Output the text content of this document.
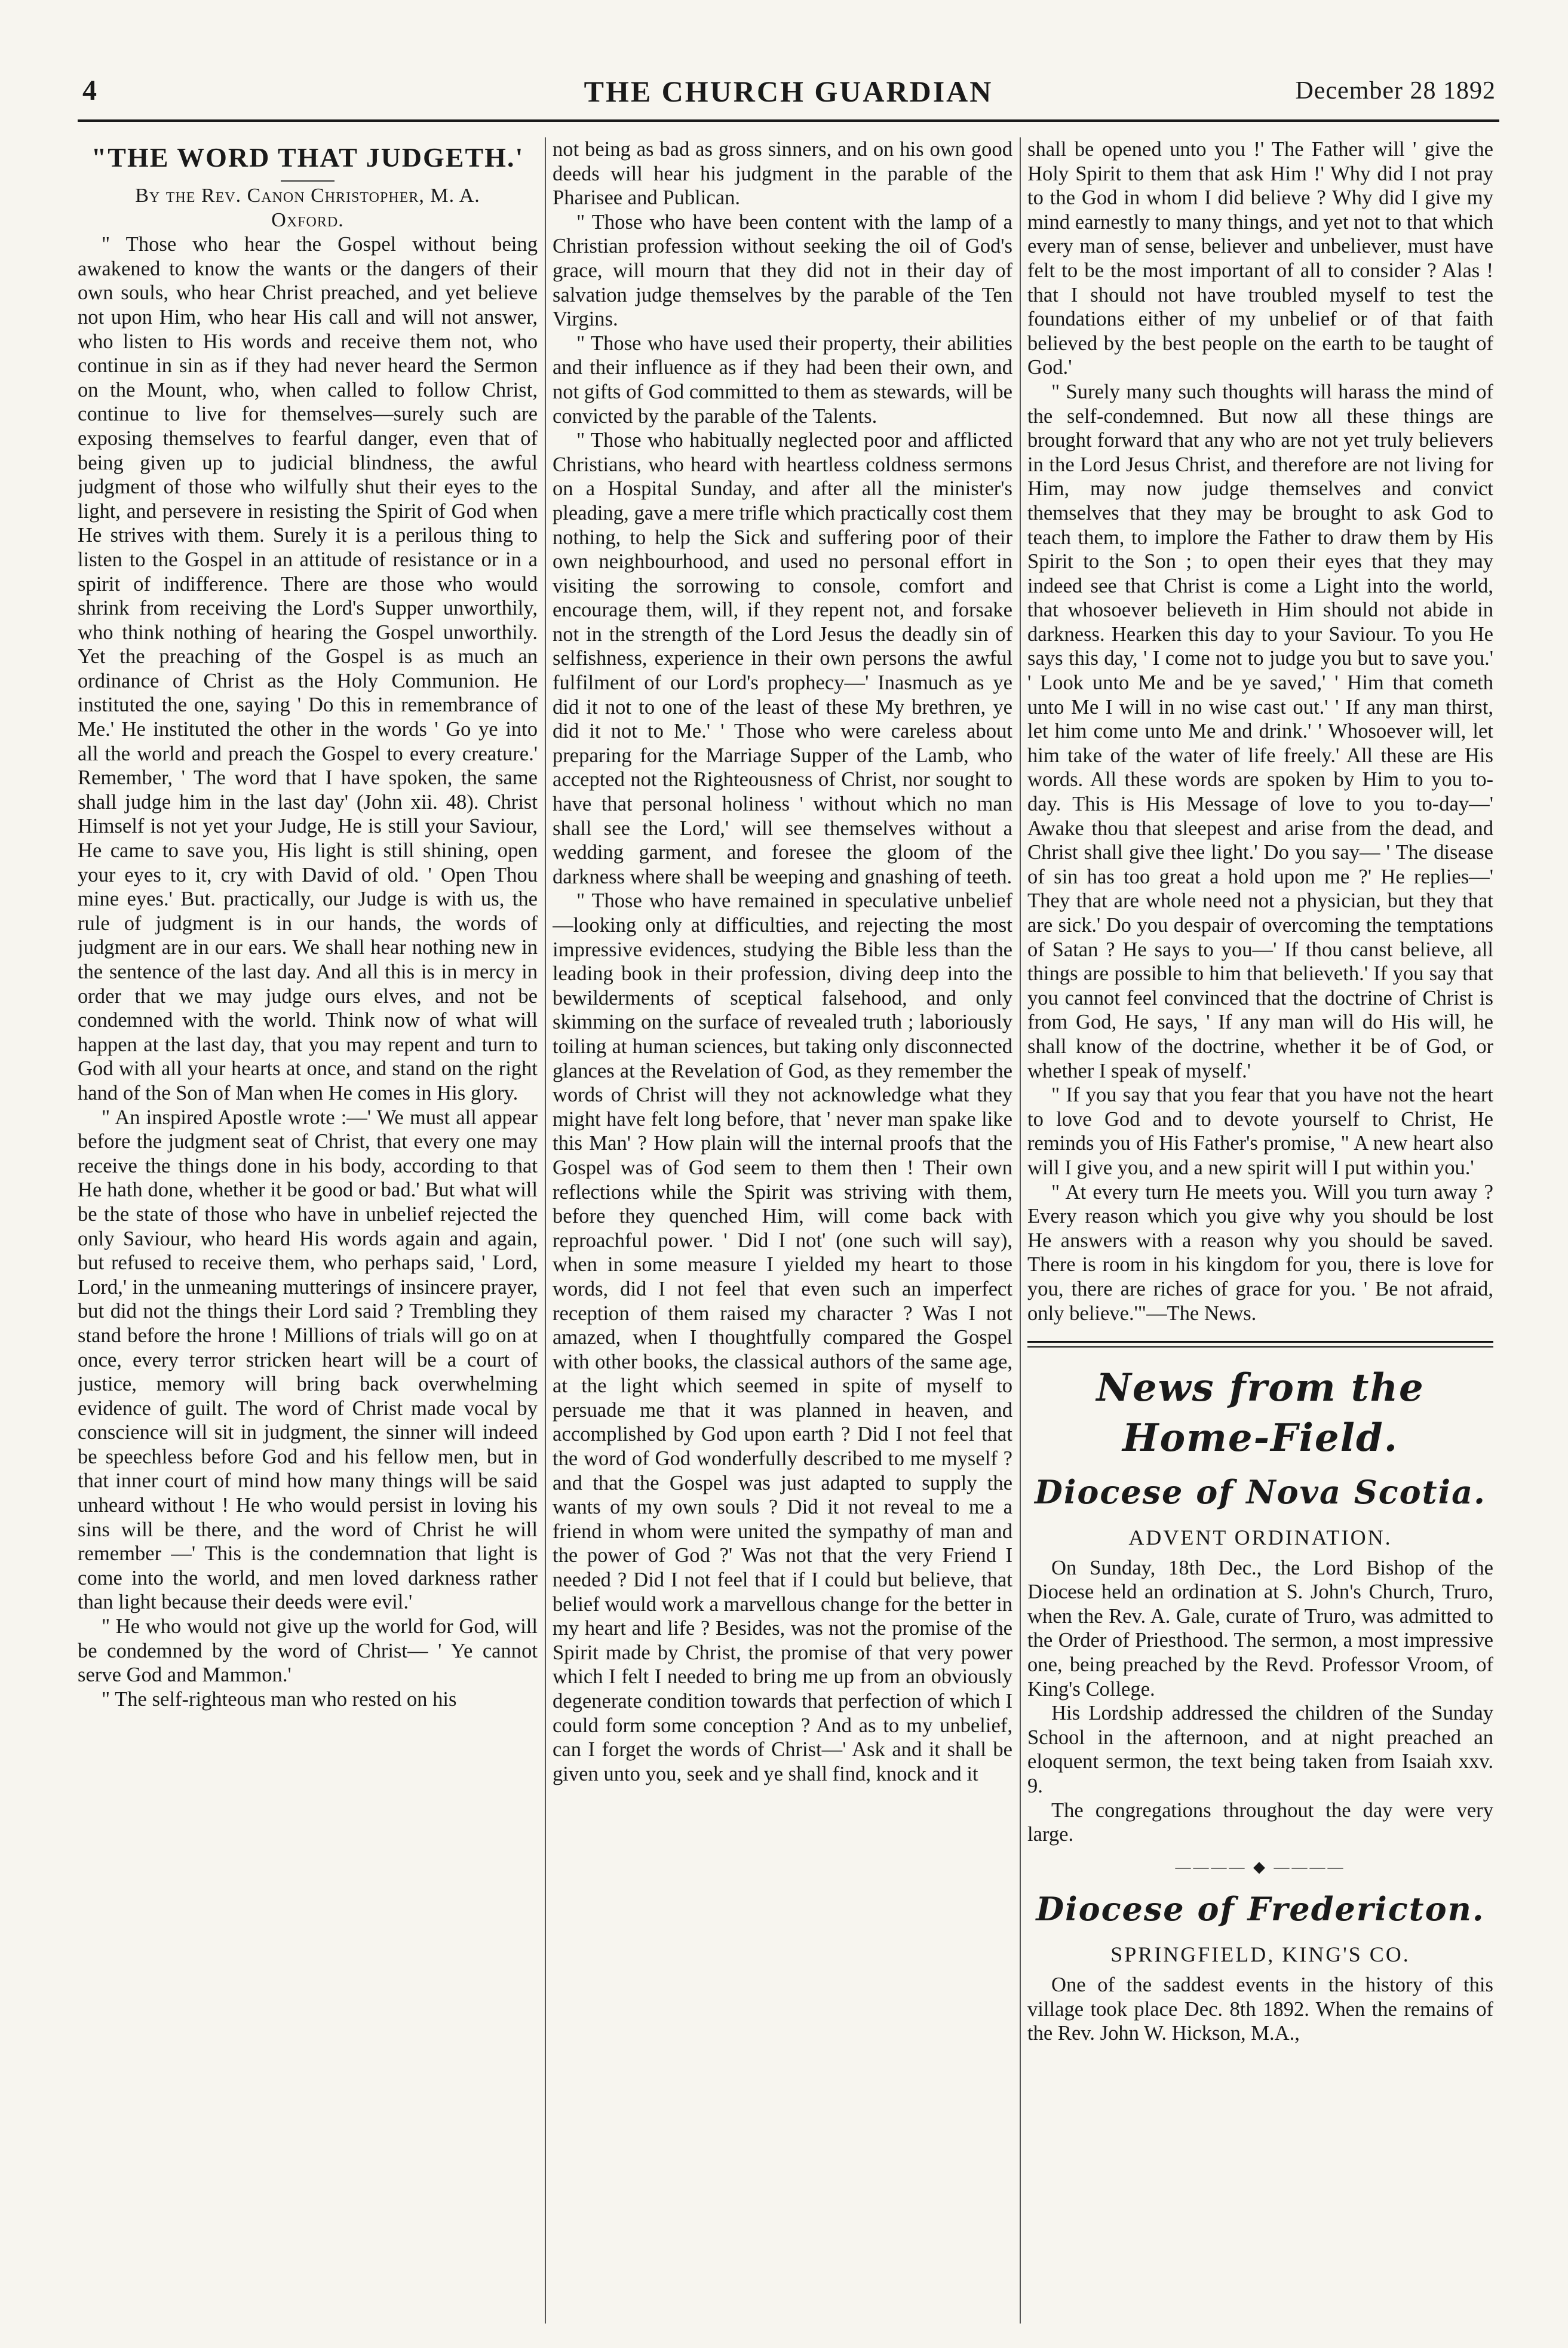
4	THE CHURCH GUARDIAN	December 28 1892

"THE WORD THAT JUDGETH.'

By the Rev. Canon Christopher, M. A.

Oxford.

" Those who hear the Gospel without being awakened to know the wants or the dangers of their own souls, who hear Christ preached, and yet believe not upon Him, who hear His call and will not answer, who listen to His words and receive them not, who continue in sin as if they had never heard the Sermon on the Mount, who, when called to follow Christ, continue to live for themselves—surely such are exposing themselves to fearful danger, even that of being given up to judicial blindness, the awful judgment of those who wilfully shut their eyes to the light, and persevere in resisting the Spirit of God when He strives with them. Surely it is a perilous thing to listen to the Gospel in an attitude of resistance or in a spirit of indifference. There are those who would shrink from receiving the Lord's Supper unworthily, who think nothing of hearing the Gospel unworthily. Yet the preaching of the Gospel is as much an ordinance of Christ as the Holy Communion. He instituted the one, saying ' Do this in remembrance of Me.' He instituted the other in the words ' Go ye into all the world and preach the Gospel to every creature.' Remember, ' The word that I have spoken, the same shall judge him in the last day' (John xii. 48). Christ Himself is not yet your Judge, He is still your Saviour, He came to save you, His light is still shining, open your eyes to it, cry with David of old. ' Open Thou mine eyes.' But. practically, our Judge is with us, the rule of judgment is in our hands, the words of judgment are in our ears. We shall hear nothing new in the sentence of the last day. And all this is in mercy in order that we may judge ours elves, and not be condemned with the world. Think now of what will happen at the last day, that you may repent and turn to God with all your hearts at once, and stand on the right hand of the Son of Man when He comes in His glory.

" An inspired Apostle wrote :—' We must all appear before the judgment seat of Christ, that every one may receive the things done in his body, according to that He hath done, whether it be good or bad.' But what will be the state of those who have in unbelief rejected the only Saviour, who heard His words again and again, but refused to receive them, who perhaps said, ' Lord, Lord,' in the unmeaning mutterings of insincere prayer, but did not the things their Lord said ? Trembling they stand before the hrone ! Millions of trials will go on at once, every terror stricken heart will be a court of justice, memory will bring back overwhelming evidence of guilt. The word of Christ made vocal by conscience will sit in judgment, the sinner will indeed be speechless before God and his fellow men, but in that inner court of mind how many things will be said unheard without ! He who would persist in loving his sins will be there, and the word of Christ he will remember —' This is the condemnation that light is come into the world, and men loved darkness rather than light because their deeds were evil.'

" He who would not give up the world for God, will be condemned by the word of Christ— ' Ye cannot serve God and Mammon.'

" The self-righteous man who rested on his

not being as bad as gross sinners, and on his own good deeds will hear his judgment in the parable of the Pharisee and Publican.

" Those who have been content with the lamp of a Christian profession without seeking the oil of God's grace, will mourn that they did not in their day of salvation judge themselves by the parable of the Ten Virgins.

" Those who have used their property, their abilities and their influence as if they had been their own, and not gifts of God committed to them as stewards, will be convicted by the parable of the Talents.

" Those who habitually neglected poor and afflicted Christians, who heard with heartless coldness sermons on a Hospital Sunday, and after all the minister's pleading, gave a mere trifle which practically cost them nothing, to help the Sick and suffering poor of their own neighbourhood, and used no personal effort in visiting the sorrowing to console, comfort and encourage them, will, if they repent not, and forsake not in the strength of the Lord Jesus the deadly sin of selfishness, experience in their own persons the awful fulfilment of our Lord's prophecy—' Inasmuch as ye did it not to one of the least of these My brethren, ye did it not to Me.' ' Those who were careless about preparing for the Marriage Supper of the Lamb, who accepted not the Righteousness of Christ, nor sought to have that personal holiness ' without which no man shall see the Lord,' will see themselves without a wedding garment, and foresee the gloom of the darkness where shall be weeping and gnashing of teeth.

" Those who have remained in speculative unbelief—looking only at difficulties, and rejecting the most impressive evidences, studying the Bible less than the leading book in their profession, diving deep into the bewilderments of sceptical falsehood, and only skimming on the surface of revealed truth ; laboriously toiling at human sciences, but taking only disconnected glances at the Revelation of God, as they remember the words of Christ will they not acknowledge what they might have felt long before, that ' never man spake like this Man' ? How plain will the internal proofs that the Gospel was of God seem to them then ! Their own reflections while the Spirit was striving with them, before they quenched Him, will come back with reproachful power. ' Did I not' (one such will say), when in some measure I yielded my heart to those words, did I not feel that even such an imperfect reception of them raised my character ? Was I not amazed, when I thoughtfully compared the Gospel with other books, the classical authors of the same age, at the light which seemed in spite of myself to persuade me that it was planned in heaven, and accomplished by God upon earth ? Did I not feel that the word of God wonderfully described to me myself ? and that the Gospel was just adapted to supply the wants of my own souls ? Did it not reveal to me a friend in whom were united the sympathy of man and the power of God ?' Was not that the very Friend I needed ? Did I not feel that if I could but believe, that belief would work a marvellous change for the better in my heart and life ? Besides, was not the promise of the Spirit made by Christ, the promise of that very power which I felt I needed to bring me up from an obviously degenerate condition towards that perfection of which I could form some conception ? And as to my unbelief, can I forget the words of Christ—' Ask and it shall be given unto you, seek and ye shall find, knock and it

shall be opened unto you !' The Father will ' give the Holy Spirit to them that ask Him !' Why did I not pray to the God in whom I did believe ? Why did I give my mind earnestly to many things, and yet not to that which every man of sense, believer and unbeliever, must have felt to be the most important of all to consider ? Alas ! that I should not have troubled myself to test the foundations either of my unbelief or of that faith believed by the best people on the earth to be taught of God.'

" Surely many such thoughts will harass the mind of the self-condemned. But now all these things are brought forward that any who are not yet truly believers in the Lord Jesus Christ, and therefore are not living for Him, may now judge themselves and convict themselves that they may be brought to ask God to teach them, to implore the Father to draw them by His Spirit to the Son ; to open their eyes that they may indeed see that Christ is come a Light into the world, that whosoever believeth in Him should not abide in darkness. Hearken this day to your Saviour. To you He says this day, ' I come not to judge you but to save you.' ' Look unto Me and be ye saved,' ' Him that cometh unto Me I will in no wise cast out.' ' If any man thirst, let him come unto Me and drink.' ' Whosoever will, let him take of the water of life freely.' All these are His words. All these words are spoken by Him to you to-day. This is His Message of love to you to-day—' Awake thou that sleepest and arise from the dead, and Christ shall give thee light.' Do you say— ' The disease of sin has too great a hold upon me ?' He replies—' They that are whole need not a physician, but they that are sick.' Do you despair of overcoming the temptations of Satan ? He says to you—' If thou canst believe, all things are possible to him that believeth.' If you say that you cannot feel convinced that the doctrine of Christ is from God, He says, ' If any man will do His will, he shall know of the doctrine, whether it be of God, or whether I speak of myself.'

" If you say that you fear that you have not the heart to love God and to devote yourself to Christ, He reminds you of His Father's promise, " A new heart also will I give you, and a new spirit will I put within you.'

" At every turn He meets you. Will you turn away ? Every reason which you give why you should be lost He answers with a reason why you should be saved. There is room in his kingdom for you, there is love for you, there are riches of grace for you. ' Be not afraid, only believe.'"—The News.

News from the Home-Field.

Diocese of Nova Scotia.

ADVENT ORDINATION.

On Sunday, 18th Dec., the Lord Bishop of the Diocese held an ordination at S. John's Church, Truro, when the Rev. A. Gale, curate of Truro, was admitted to the Order of Priesthood. The sermon, a most impressive one, being preached by the Revd. Professor Vroom, of King's College.

His Lordship addressed the children of the Sunday School in the afternoon, and at night preached an eloquent sermon, the text being taken from Isaiah xxv. 9.

The congregations throughout the day were very large.

———— ◆ ————

Diocese of Fredericton.

SPRINGFIELD, KING'S CO.

One of the saddest events in the history of this village took place Dec. 8th 1892. When the remains of the Rev. John W. Hickson, M.A.,
